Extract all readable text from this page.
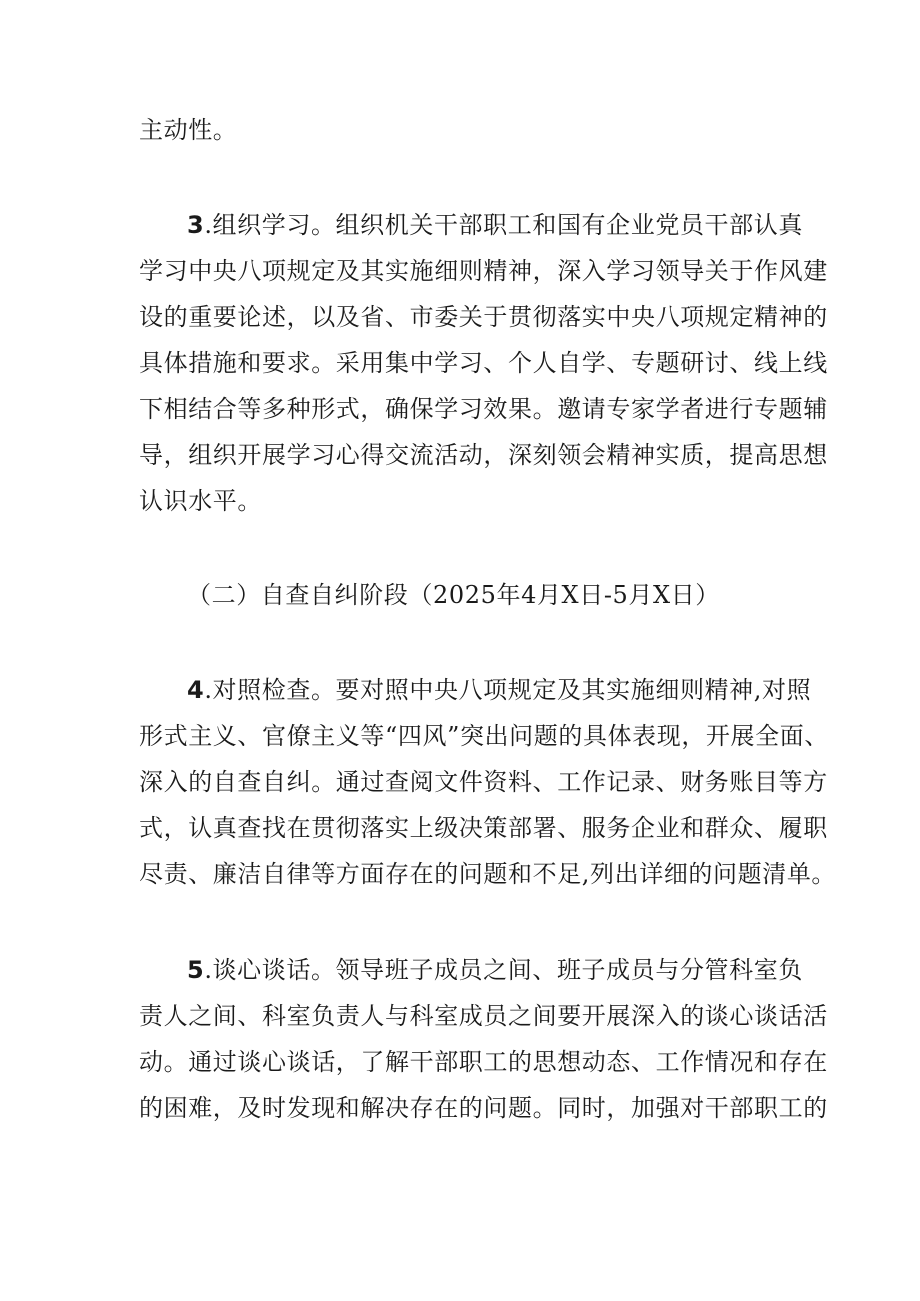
主动性。
3.组织学习。组织机关干部职工和国有企业党员干部认真
学习中央八项规定及其实施细则精神，深入学习领导关于作风建
设的重要论述，以及省、市委关于贯彻落实中央八项规定精神的
具体措施和要求。采用集中学习、个人自学、专题研讨、线上线
下相结合等多种形式，确保学习效果。邀请专家学者进行专题辅
导，组织开展学习心得交流活动，深刻领会精神实质，提高思想
认识水平。
（二）自查自纠阶段（2025年4月X日-5月X日）
4.对照检查。要对照中央八项规定及其实施细则精神,对照
形式主义、官僚主义等“四风”突出问题的具体表现，开展全面、
深入的自查自纠。通过查阅文件资料、工作记录、财务账目等方
式，认真查找在贯彻落实上级决策部署、服务企业和群众、履职
尽责、廉洁自律等方面存在的问题和不足,列出详细的问题清单。
5.谈心谈话。领导班子成员之间、班子成员与分管科室负
责人之间、科室负责人与科室成员之间要开展深入的谈心谈话活
动。通过谈心谈话，了解干部职工的思想动态、工作情况和存在
的困难，及时发现和解决存在的问题。同时，加强对干部职工的
